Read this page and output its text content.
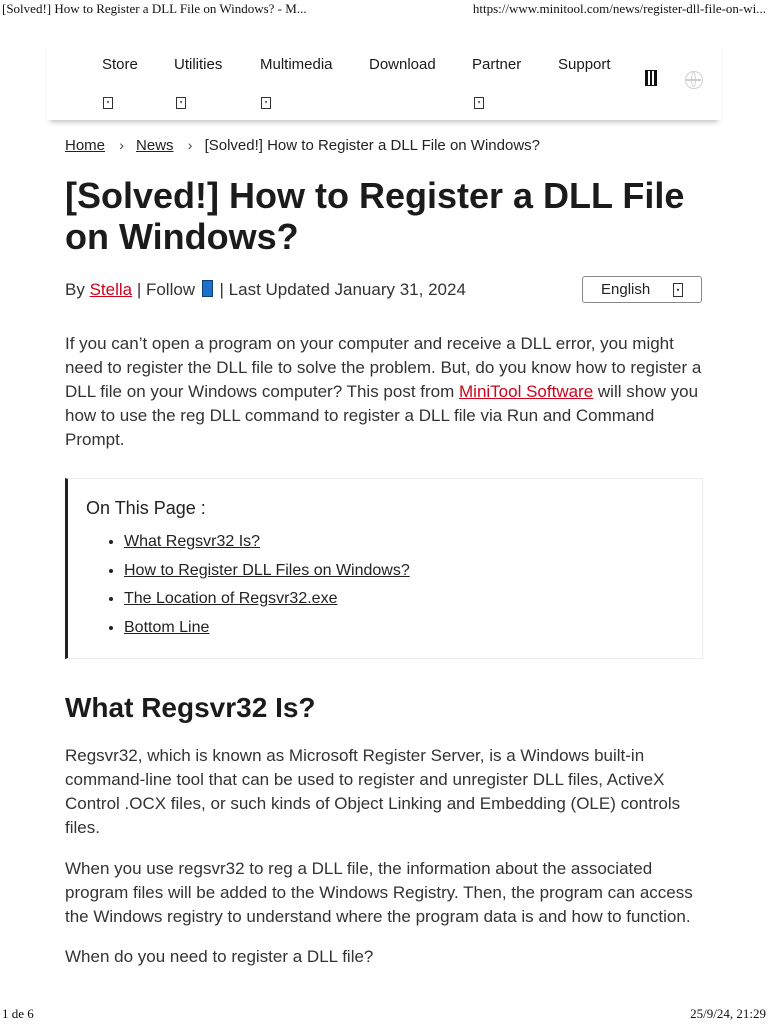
[Solved!] How to Register a DLL File on Windows? - M...	https://www.minitool.com/news/register-dll-file-on-wi...
Store Utilities	Multimedia Download Partner Support
▾	▾	▾	▾
Home › News › [Solved!] How to Register a DLL File on Windows?
[Solved!] How to Register a DLL File on Windows?
By Stella | Follow  | Last Updated January 31, 2024	English	▾

If you can’t open a program on your computer and receive a DLL error, you might need to register the DLL file to solve the problem. But, do you know how to register a DLL file on your Windows computer? This post from MiniTool Software will show you how to use the reg DLL command to register a DLL file via Run and Command Prompt.

On This Page :
• What Regsvr32 Is?
• How to Register DLL Files on Windows?
• The Location of Regsvr32.exe
• Bottom Line
What Regsvr32 Is?

Regsvr32, which is known as Microsoft Register Server, is a Windows built-in command-line tool that can be used to register and unregister DLL files, ActiveX Control .OCX files, or such kinds of Object Linking and Embedding (OLE) controls files.

When you use regsvr32 to reg a DLL file, the information about the associated program files will be added to the Windows Registry. Then, the program can access the Windows registry to understand where the program data is and how to function.

When do you need to register a DLL file?

1 de 6	25/9/24, 21:29
